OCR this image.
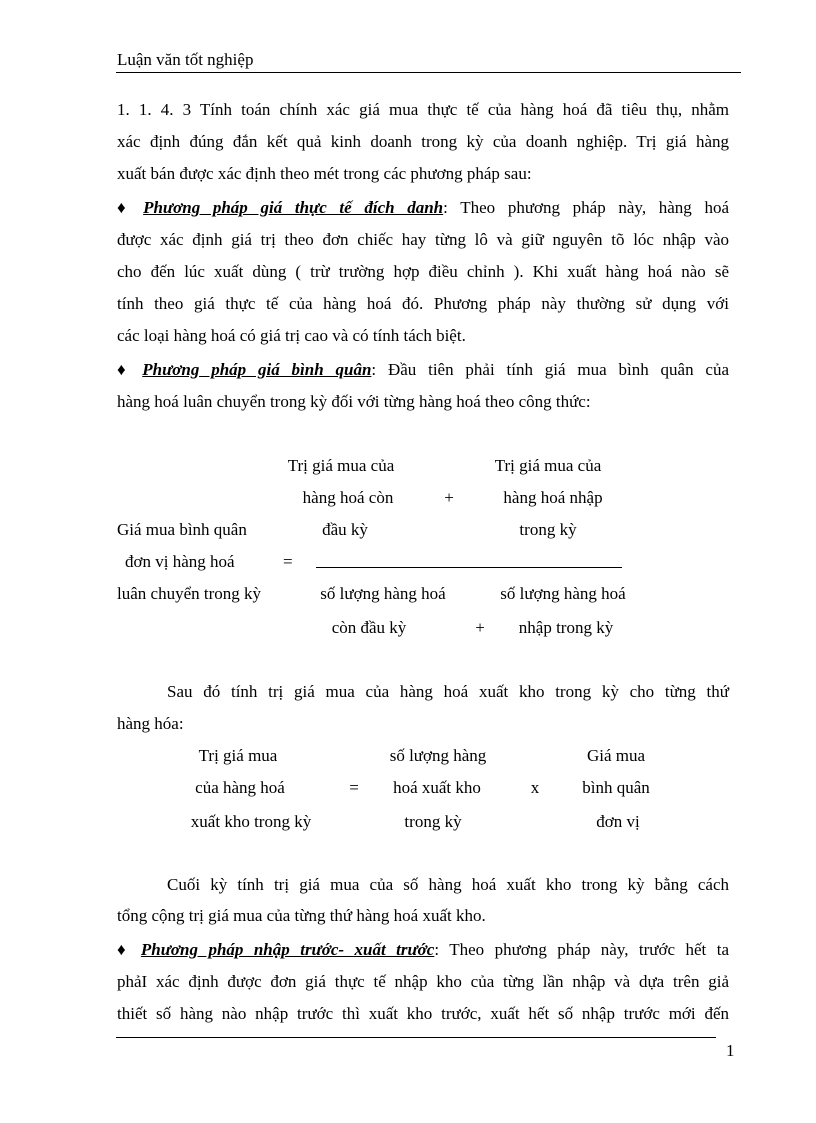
Luận văn tốt nghiệp
1. 1. 4. 3 Tính toán chính xác giá mua thực tế của hàng hoá đã tiêu thụ, nhằm
xác định đúng đắn kết quả kinh doanh trong kỳ của doanh nghiệp. Trị giá hàng
xuất bán được xác định theo mét trong các phương pháp sau:
♦ Phương pháp giá thực tế đích danh: Theo phương pháp này, hàng hoá
được xác định giá trị theo đơn chiếc hay từng lô và giữ nguyên tõ lóc nhập vào
cho đến lúc xuất dùng ( trừ trường hợp điều chỉnh ). Khi xuất hàng hoá nào sẽ
tính theo giá thực tế của hàng hoá đó. Phương pháp này thường sử dụng với
các loại hàng hoá có giá trị cao và có tính tách biệt.
♦ Phương pháp giá bình quân: Đầu tiên phải tính giá mua bình quân của
hàng hoá luân chuyển trong kỳ đối với từng hàng hoá theo công thức:
Trị giá mua của
hàng hoá còn
đầu kỳ
+
Trị giá mua của
hàng hoá nhập
trong kỳ
Giá mua bình quân
đơn vị hàng hoá
luân chuyển trong kỳ
=
số lượng hàng hoá
còn đầu kỳ	+
số lượng hàng hoá
nhập trong kỳ
Sau đó tính trị giá mua của hàng hoá xuất kho trong kỳ cho từng thứ
hàng hóa:
Trị giá mua
của hàng hoá
xuất kho trong kỳ
=
số lượng hàng
hoá xuất kho
trong kỳ
x
Giá mua
bình quân
đơn vị
Cuối kỳ tính trị giá mua của số hàng hoá xuất kho trong kỳ bằng cách
tổng cộng trị giá mua của từng thứ hàng hoá xuất kho.
♦ Phương pháp nhập trước- xuất trước: Theo phương pháp này, trước hết ta
phảI xác định được đơn giá thực tế nhập kho của từng lần nhập và dựa trên giả
thiết số hàng nào nhập trước thì xuất kho trước, xuất hết số nhập trước mới đến
1
